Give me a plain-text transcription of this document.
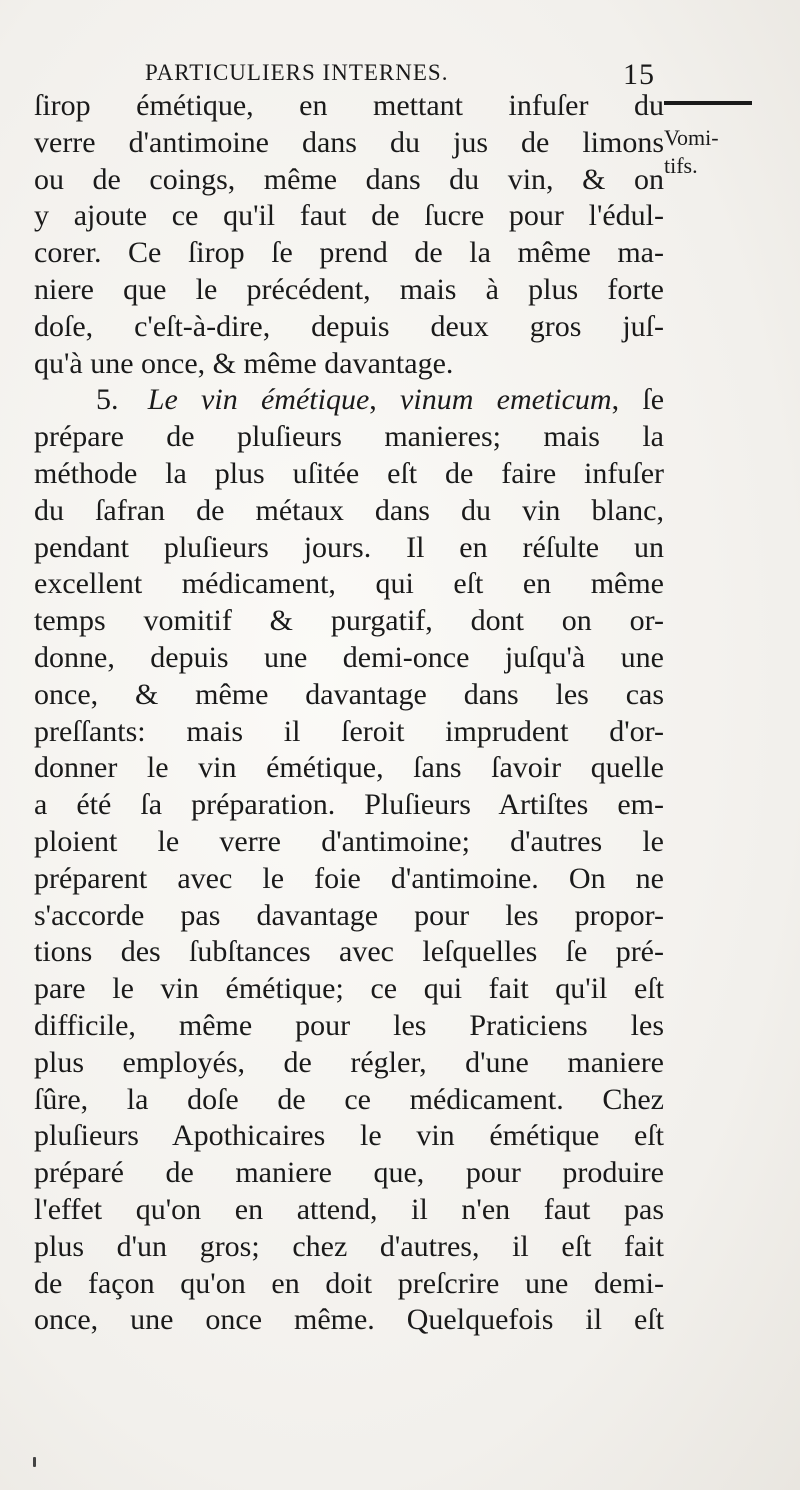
PARTICULIERS INTERNES.	15
Vomi-
tifs.
ſirop émétique, en mettant infuſer du
verre d'antimoine dans du jus de limons
ou de coings, même dans du vin, & on
y ajoute ce qu'il faut de ſucre pour l'édul-
corer. Ce ſirop ſe prend de la même ma-
niere que le précédent, mais à plus forte
doſe, c'eſt-à-dire, depuis deux gros juſ-
qu'à une once, & même davantage.
5. Le vin émétique, vinum emeticum, ſe
prépare de pluſieurs manieres; mais la
méthode la plus uſitée eſt de faire infuſer
du ſafran de métaux dans du vin blanc,
pendant pluſieurs jours. Il en réſulte un
excellent médicament, qui eſt en même
temps vomitif & purgatif, dont on or-
donne, depuis une demi-once juſqu'à une
once, & même davantage dans les cas
preſſants: mais il ſeroit imprudent d'or-
donner le vin émétique, ſans ſavoir quelle
a été ſa préparation. Pluſieurs Artiſtes em-
ploient le verre d'antimoine; d'autres le
préparent avec le foie d'antimoine. On ne
s'accorde pas davantage pour les propor-
tions des ſubſtances avec leſquelles ſe pré-
pare le vin émétique; ce qui fait qu'il eſt
difficile, même pour les Praticiens les
plus employés, de régler, d'une maniere
ſûre, la doſe de ce médicament. Chez
pluſieurs Apothicaires le vin émétique eſt
préparé de maniere que, pour produire
l'effet qu'on en attend, il n'en faut pas
plus d'un gros; chez d'autres, il eſt fait
de façon qu'on en doit preſcrire une demi-
once, une once même. Quelquefois il eſt
